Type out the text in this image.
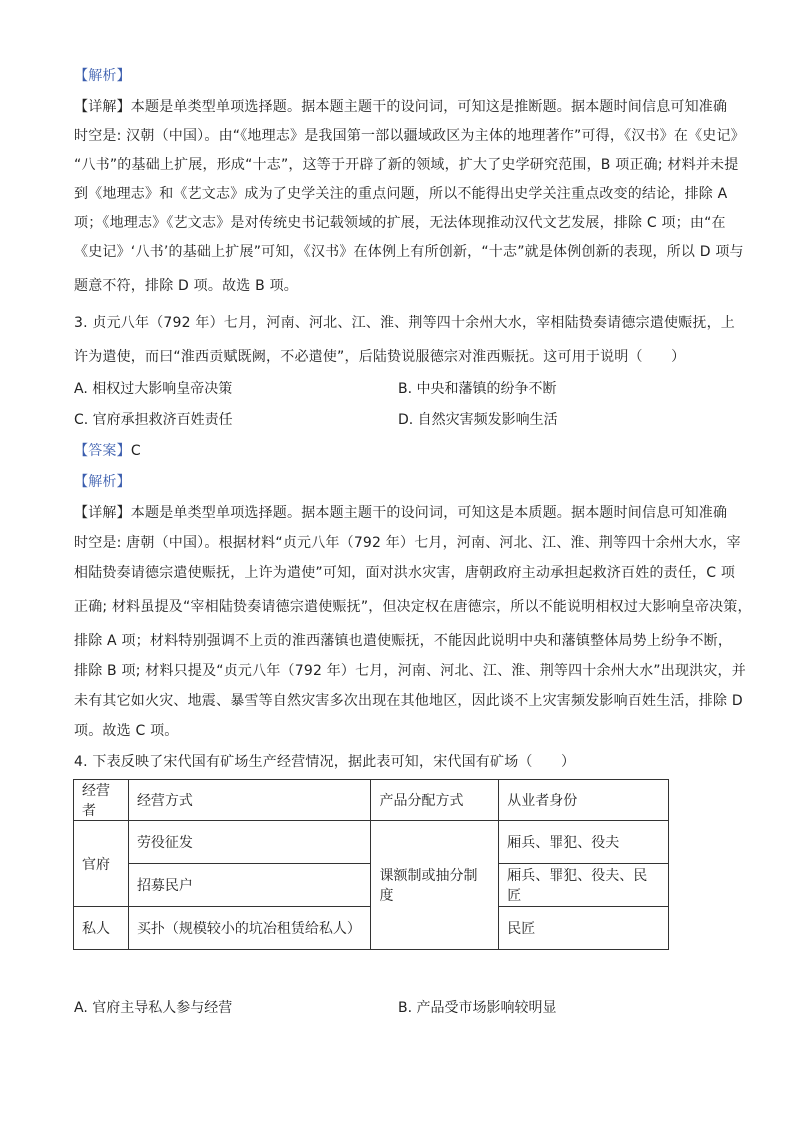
【解析】
【详解】本题是单类型单项选择题。据本题主题干的设问词，可知这是推断题。据本题时间信息可知准确
时空是: 汉朝（中国）。由“《地理志》是我国第一部以疆域政区为主体的地理著作”可得，《汉书》在《史记》
“八书”的基础上扩展，形成“十志”，这等于开辟了新的领域，扩大了史学研究范围，B 项正确; 材料并未提
到《地理志》和《艺文志》成为了史学关注的重点问题，所以不能得出史学关注重点改变的结论，排除 A
项；《地理志》《艺文志》是对传统史书记载领域的扩展，无法体现推动汉代文艺发展，排除 C 项；由“在
《史记》‘八书’的基础上扩展”可知，《汉书》在体例上有所创新，“十志”就是体例创新的表现，所以 D 项与
题意不符，排除 D 项。故选 B 项。
3. 贞元八年（792 年）七月，河南、河北、江、淮、荆等四十余州大水，宰相陆贽奏请德宗遣使赈抚，上
许为遣使，而曰“淮西贡赋既阙，不必遣使”，后陆贽说服德宗对淮西赈抚。这可用于说明（　　）
A. 相权过大影响皇帝决策	B. 中央和藩镇的纷争不断
C. 官府承担救济百姓责任	D. 自然灾害频发影响生活
【答案】C
【解析】
【详解】本题是单类型单项选择题。据本题主题干的设问词，可知这是本质题。据本题时间信息可知准确
时空是: 唐朝（中国）。根据材料“贞元八年（792 年）七月，河南、河北、江、淮、荆等四十余州大水，宰
相陆贽奏请德宗遣使赈抚，上许为遣使”可知，面对洪水灾害，唐朝政府主动承担起救济百姓的责任，C 项
正确; 材料虽提及“宰相陆贽奏请德宗遣使赈抚”，但决定权在唐德宗，所以不能说明相权过大影响皇帝决策，
排除 A 项；材料特别强调不上贡的淮西藩镇也遣使赈抚，不能因此说明中央和藩镇整体局势上纷争不断，
排除 B 项; 材料只提及“贞元八年（792 年）七月，河南、河北、江、淮、荆等四十余州大水”出现洪灾，并
未有其它如火灾、地震、暴雪等自然灾害多次出现在其他地区，因此谈不上灾害频发影响百姓生活，排除 D
项。故选 C 项。
4. 下表反映了宋代国有矿场生产经营情况，据此表可知，宋代国有矿场（　　）
经营者	经营方式	产品分配方式	从业者身份
官府	劳役征发	课额制或抽分制度	厢兵、罪犯、役夫
	招募民户		厢兵、罪犯、役夫、民匠
私人	买扑（规模较小的坑冶租赁给私人）		民匠
A. 官府主导私人参与经营	B. 产品受市场影响较明显
